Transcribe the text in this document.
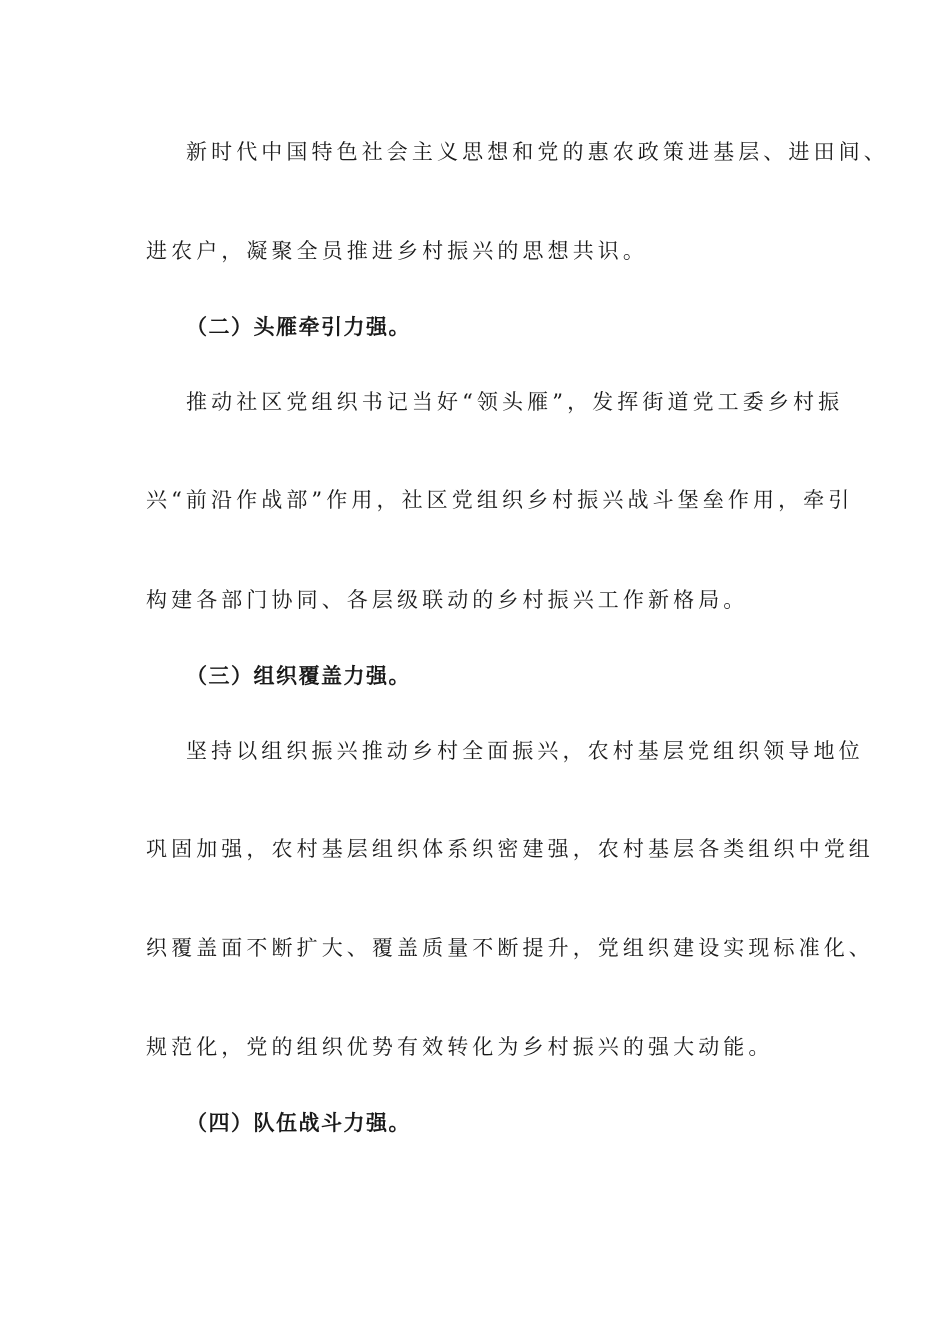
新时代中国特色社会主义思想和党的惠农政策进基层、进田间、
进农户，凝聚全员推进乡村振兴的思想共识。
（二）头雁牵引力强。
推动社区党组织书记当好“领头雁”，发挥街道党工委乡村振
兴“前沿作战部”作用，社区党组织乡村振兴战斗堡垒作用，牵引
构建各部门协同、各层级联动的乡村振兴工作新格局。
（三）组织覆盖力强。
坚持以组织振兴推动乡村全面振兴，农村基层党组织领导地位
巩固加强，农村基层组织体系织密建强，农村基层各类组织中党组
织覆盖面不断扩大、覆盖质量不断提升，党组织建设实现标准化、
规范化，党的组织优势有效转化为乡村振兴的强大动能。
（四）队伍战斗力强。
